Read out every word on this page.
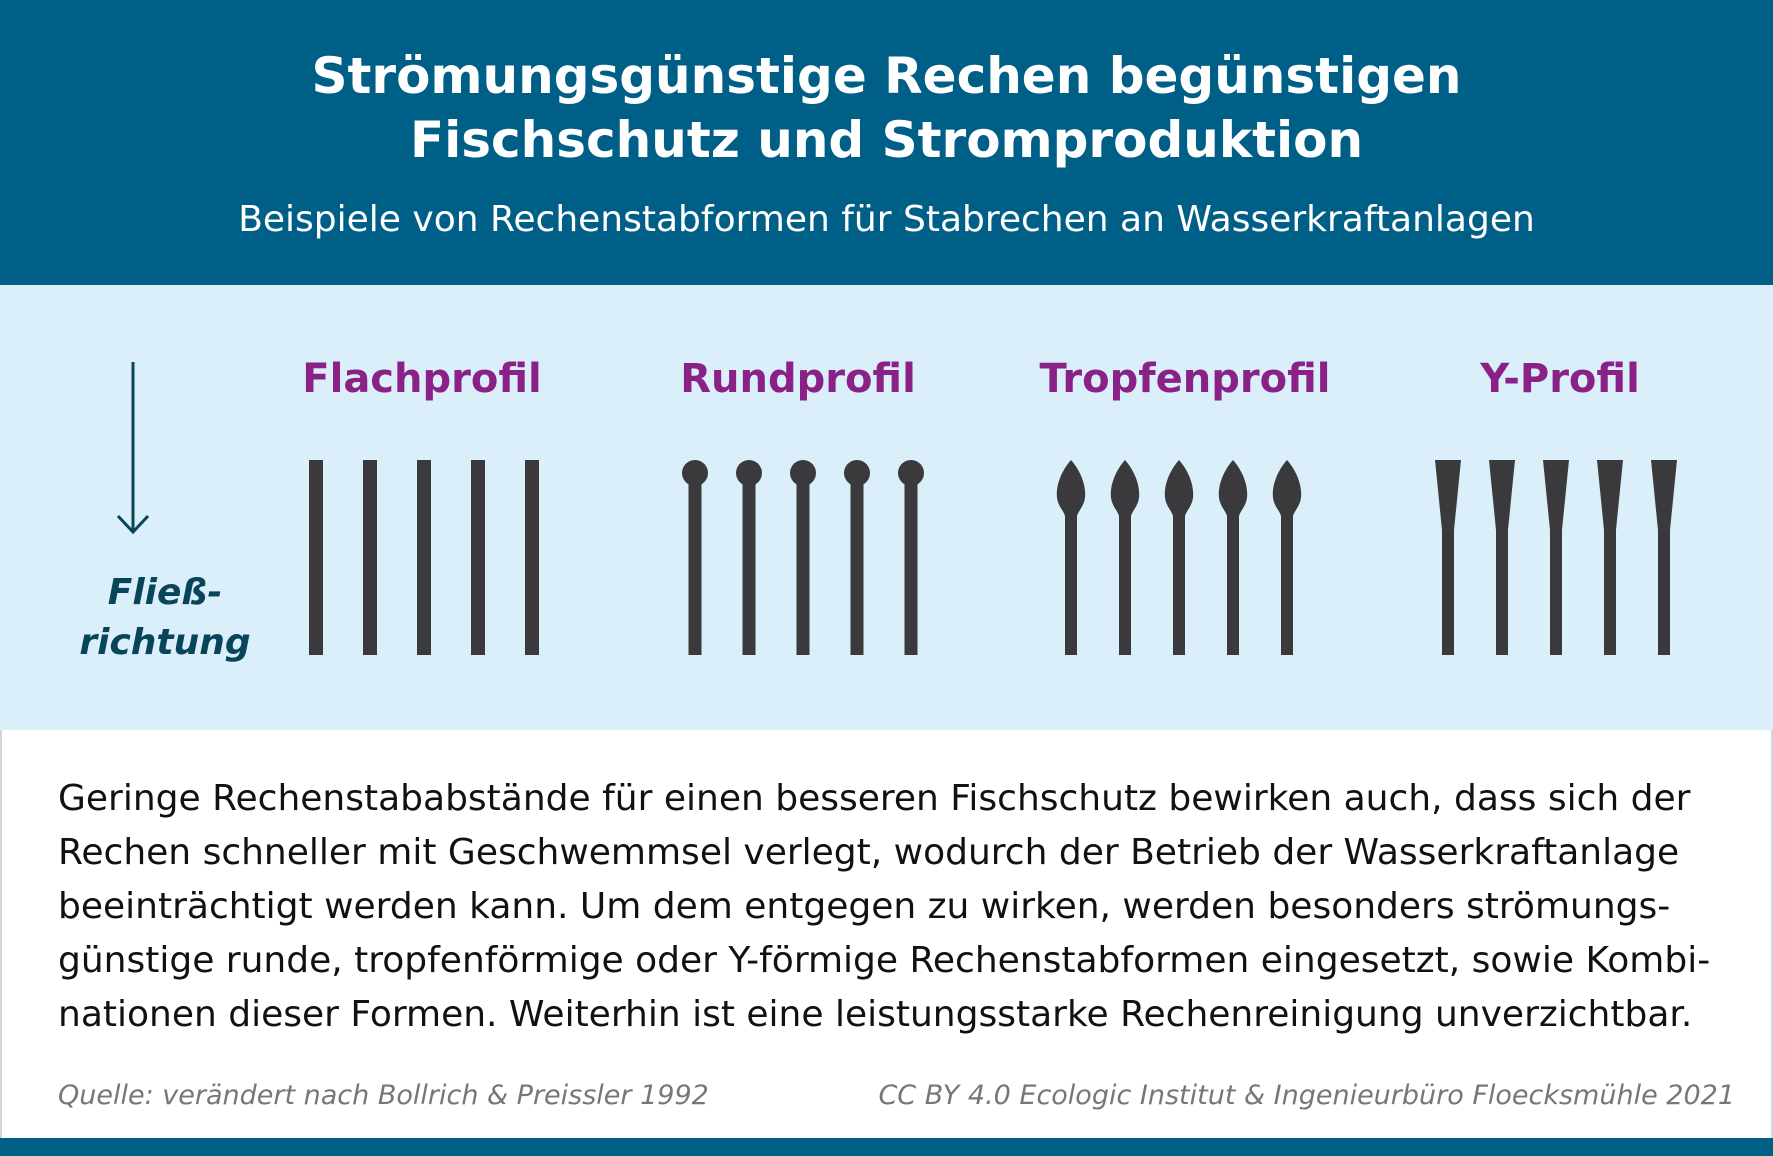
Strömungsgünstige Rechen begünstigen
Fischschutz und Stromproduktion
Beispiele von Rechenstabformen für Stabrechen an Wasserkraftanlagen
Fließ-
richtung
Flachprofil	Rundprofil	Tropfenprofil	Y-Profil
Geringe Rechenstababstände für einen besseren Fischschutz bewirken auch, dass sich der
Rechen schneller mit Geschwemmsel verlegt, wodurch der Betrieb der Wasserkraftanlage
beeinträchtigt werden kann. Um dem entgegen zu wirken, werden besonders strömungs-
günstige runde, tropfenförmige oder Y-förmige Rechenstabformen eingesetzt, sowie Kombi-
nationen dieser Formen. Weiterhin ist eine leistungsstarke Rechenreinigung unverzichtbar.
Quelle: verändert nach Bollrich & Preissler 1992	CC BY 4.0 Ecologic Institut & Ingenieurbüro Floecksmühle 2021
